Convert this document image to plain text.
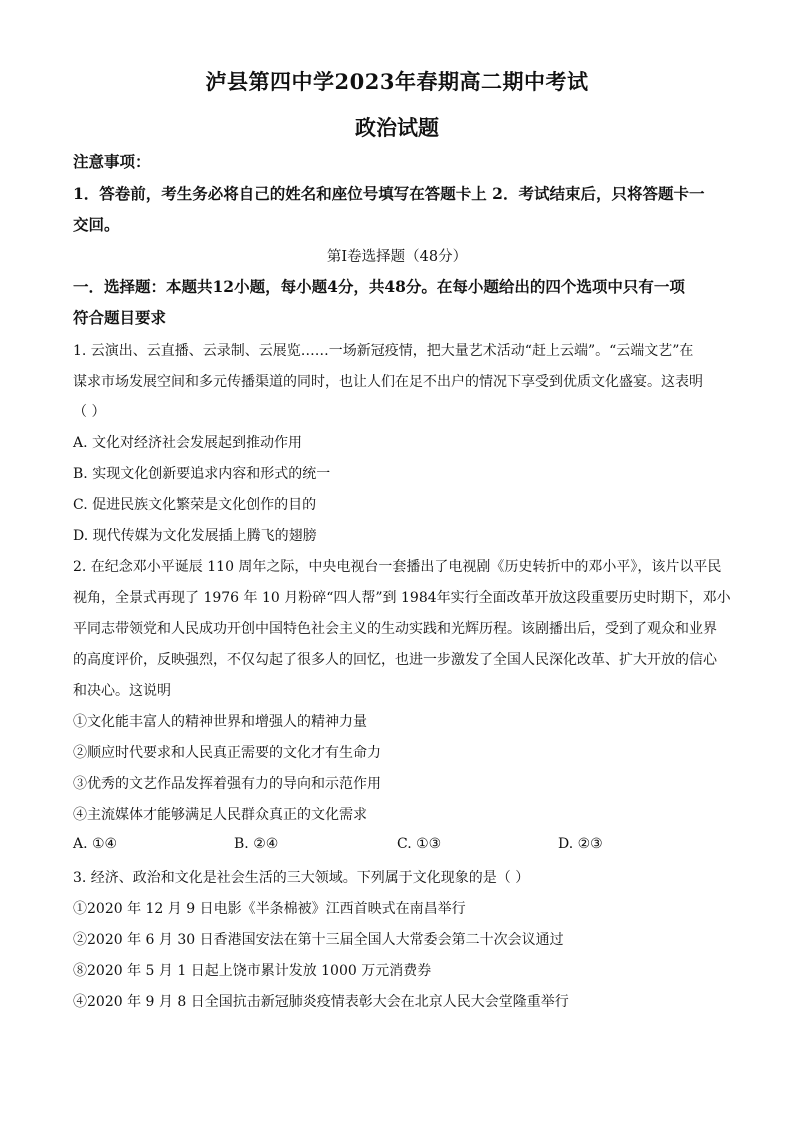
泸县第四中学2023年春期高二期中考试
政治试题
注意事项：
1．答卷前，考生务必将自己的姓名和座位号填写在答题卡上 2．考试结束后，只将答题卡一
交回。
第Ⅰ卷选择题（48分）
一．选择题：本题共12小题，每小题4分，共48分。在每小题给出的四个选项中只有一项
符合题目要求
1. 云演出、云直播、云录制、云展览……一场新冠疫情，把大量艺术活动“赶上云端”。“云端文艺”在
谋求市场发展空间和多元传播渠道的同时，也让人们在足不出户的情况下享受到优质文化盛宴。这表明
（ ）
A. 文化对经济社会发展起到推动作用
B. 实现文化创新要追求内容和形式的统一
C. 促进民族文化繁荣是文化创作的目的
D. 现代传媒为文化发展插上腾飞的翅膀
2. 在纪念邓小平诞辰 110 周年之际，中央电视台一套播出了电视剧《历史转折中的邓小平》，该片以平民
视角，全景式再现了 1976 年 10 月粉碎“四人帮”到 1984年实行全面改革开放这段重要历史时期下，邓小
平同志带领党和人民成功开创中国特色社会主义的生动实践和光辉历程。该剧播出后，受到了观众和业界
的高度评价，反映强烈，不仅勾起了很多人的回忆，也进一步激发了全国人民深化改革、扩大开放的信心
和决心。这说明
①文化能丰富人的精神世界和增强人的精神力量
②顺应时代要求和人民真正需要的文化才有生命力
③优秀的文艺作品发挥着强有力的导向和示范作用
④主流媒体才能够满足人民群众真正的文化需求
A. ①④	B. ②④	C. ①③	D. ②③
3. 经济、政治和文化是社会生活的三大领域。下列属于文化现象的是（ ）
①2020 年 12 月 9 日电影《半条棉被》江西首映式在南昌举行
②2020 年 6 月 30 日香港国安法在第十三届全国人大常委会第二十次会议通过
⑧2020 年 5 月 1 日起上饶市累计发放 1000 万元消费券
④2020 年 9 月 8 日全国抗击新冠肺炎疫情表彰大会在北京人民大会堂隆重举行
